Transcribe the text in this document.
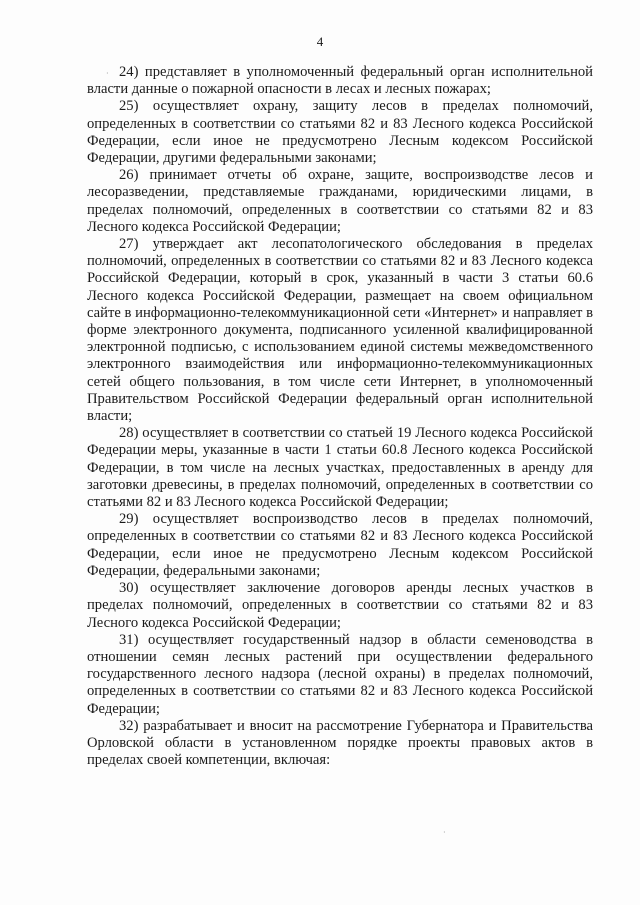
4

24) представляет в уполномоченный федеральный орган исполнительной власти данные о пожарной опасности в лесах и лесных пожарах;

25) осуществляет охрану, защиту лесов в пределах полномочий, определенных в соответствии со статьями 82 и 83 Лесного кодекса Российской Федерации, если иное не предусмотрено Лесным кодексом Российской Федерации, другими федеральными законами;

26) принимает отчеты об охране, защите, воспроизводстве лесов и лесоразведении, представляемые гражданами, юридическими лицами, в пределах полномочий, определенных в соответствии со статьями 82 и 83 Лесного кодекса Российской Федерации;

27) утверждает акт лесопатологического обследования в пределах полномочий, определенных в соответствии со статьями 82 и 83 Лесного кодекса Российской Федерации, который в срок, указанный в части 3 статьи 60.6 Лесного кодекса Российской Федерации, размещает на своем официальном сайте в информационно-телекоммуникационной сети «Интернет» и направляет в форме электронного документа, подписанного усиленной квалифицированной электронной подписью, с использованием единой системы межведомственного электронного взаимодействия или информационно-телекоммуникационных сетей общего пользования, в том числе сети Интернет, в уполномоченный Правительством Российской Федерации федеральный орган исполнительной власти;

28) осуществляет в соответствии со статьей 19 Лесного кодекса Российской Федерации меры, указанные в части 1 статьи 60.8 Лесного кодекса Российской Федерации, в том числе на лесных участках, предоставленных в аренду для заготовки древесины, в пределах полномочий, определенных в соответствии со статьями 82 и 83 Лесного кодекса Российской Федерации;

29) осуществляет воспроизводство лесов в пределах полномочий, определенных в соответствии со статьями 82 и 83 Лесного кодекса Российской Федерации, если иное не предусмотрено Лесным кодексом Российской Федерации, федеральными законами;

30) осуществляет заключение договоров аренды лесных участков в пределах полномочий, определенных в соответствии со статьями 82 и 83 Лесного кодекса Российской Федерации;

31) осуществляет государственный надзор в области семеноводства в отношении семян лесных растений при осуществлении федерального государственного лесного надзора (лесной охраны) в пределах полномочий, определенных в соответствии со статьями 82 и 83 Лесного кодекса Российской Федерации;

32) разрабатывает и вносит на рассмотрение Губернатора и Правительства Орловской области в установленном порядке проекты правовых актов в пределах своей компетенции, включая:

·
·
